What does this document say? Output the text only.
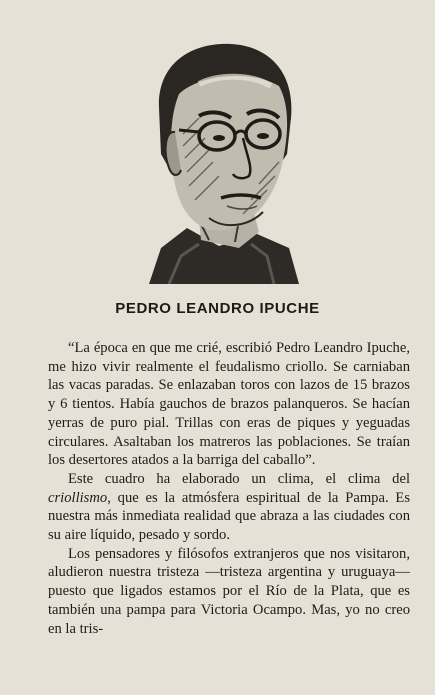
PEDRO LEANDRO IPUCHE

“La época en que me crié, escribió Pedro Leandro Ipuche, me hizo vivir realmente el feudalismo criollo. Se carniaban las vacas paradas. Se enlazaban toros con lazos de 15 brazos y 6 tientos. Había gauchos de brazos palanqueros. Se hacían yerras de puro pial. Trillas con eras de piques y yeguadas circulares. Asaltaban los matreros las poblaciones. Se traían los desertores atados a la barriga del caballo”.

Este cuadro ha elaborado un clima, el clima del criollismo, que es la atmósfera espiritual de la Pampa. Es nuestra más inmediata realidad que abraza a las ciudades con su aire líquido, pesado y sordo.

Los pensadores y filósofos extranjeros que nos visitaron, aludieron nuestra tristeza —tristeza argentina y uruguaya— puesto que ligados estamos por el Río de la Plata, que es también una pampa para Victoria Ocampo. Mas, yo no creo en la tris-
